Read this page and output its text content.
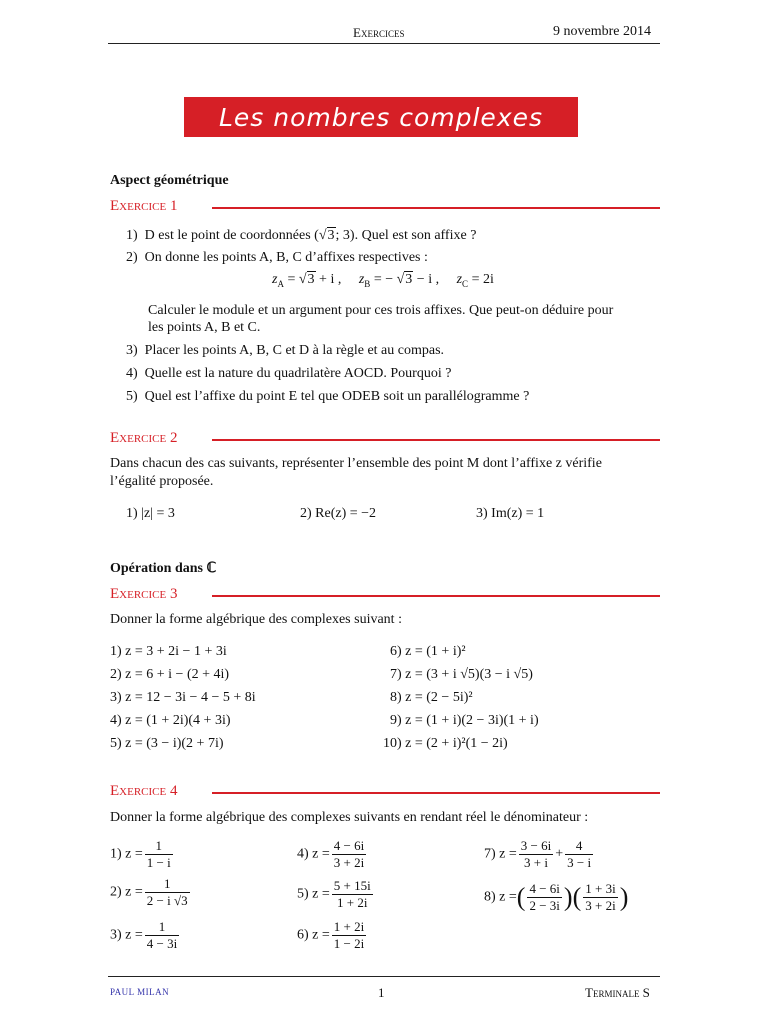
Exercices	9 novembre 2014
Les nombres complexes
Aspect géométrique
Exercice 1
1) D est le point de coordonnées (√3; 3). Quel est son affixe ?
2) On donne les points A, B, C d’affixes respectives :
$z_A = √3 + i$ , $z_B$ = − √3 − i , $z_C = 2i$
Calculer le module et un argument pour ces trois affixes. Que peut-on déduire pour
les points A, B et C.
3) Placer les points A, B, C et D à la règle et au compas.
4) Quelle est la nature du quadrilatère AOCD. Pourquoi ?
5) Quel est l’affixe du point E tel que ODEB soit un parallélogramme ?
Exercice 2
Dans chacun des cas suivants, représenter l’ensemble des point M dont l’affixe z vérifie
l’égalité proposée.
1) |z| = 3	2) Re(z) = −2	3) Im(z) = 1
Opération dans ℂ
Exercice 3
Donner la forme algébrique des complexes suivant :
1) z = 3 + 2i − 1 + 3i
2) z = 6 + i − (2 + 4i)
3) z = 12 − 3i − 4 − 5 + 8i
4) z = (1 + 2i)(4 + 3i)
5) z = (3 − i)(2 + 7i)
6) z = (1 + i)²
7) z = (3 + i √5)(3 − i √5)
8) z = (2 − 5i)²
9) z = (1 + i)(2 − 3i)(1 + i)
10) z = (2 + i)²(1 − 2i)
Exercice 4
Donner la forme algébrique des complexes suivants en rendant réel le dénominateur :
1) $z = \frac{1}{1 - i}$
2) $z = \frac{1}{2 - i √3}$
3) $z = \frac{1}{4 - 3i}$
4) $z = \frac{4 - 6i}{3 + 2i}$
5) $z = \frac{5 + 15i}{1 + 2i}$
6) $z = \frac{1 + 2i}{1 - 2i}$
7) $z = \frac{3 - 6i}{3 + i} + \frac{4}{3 - i}$
8) z =( $\frac{4 - 6i}{2 - 3i}$ )( $\frac{1 + 3i}{3 + 2i}$ )
PAUL MILAN	1	Terminale S
